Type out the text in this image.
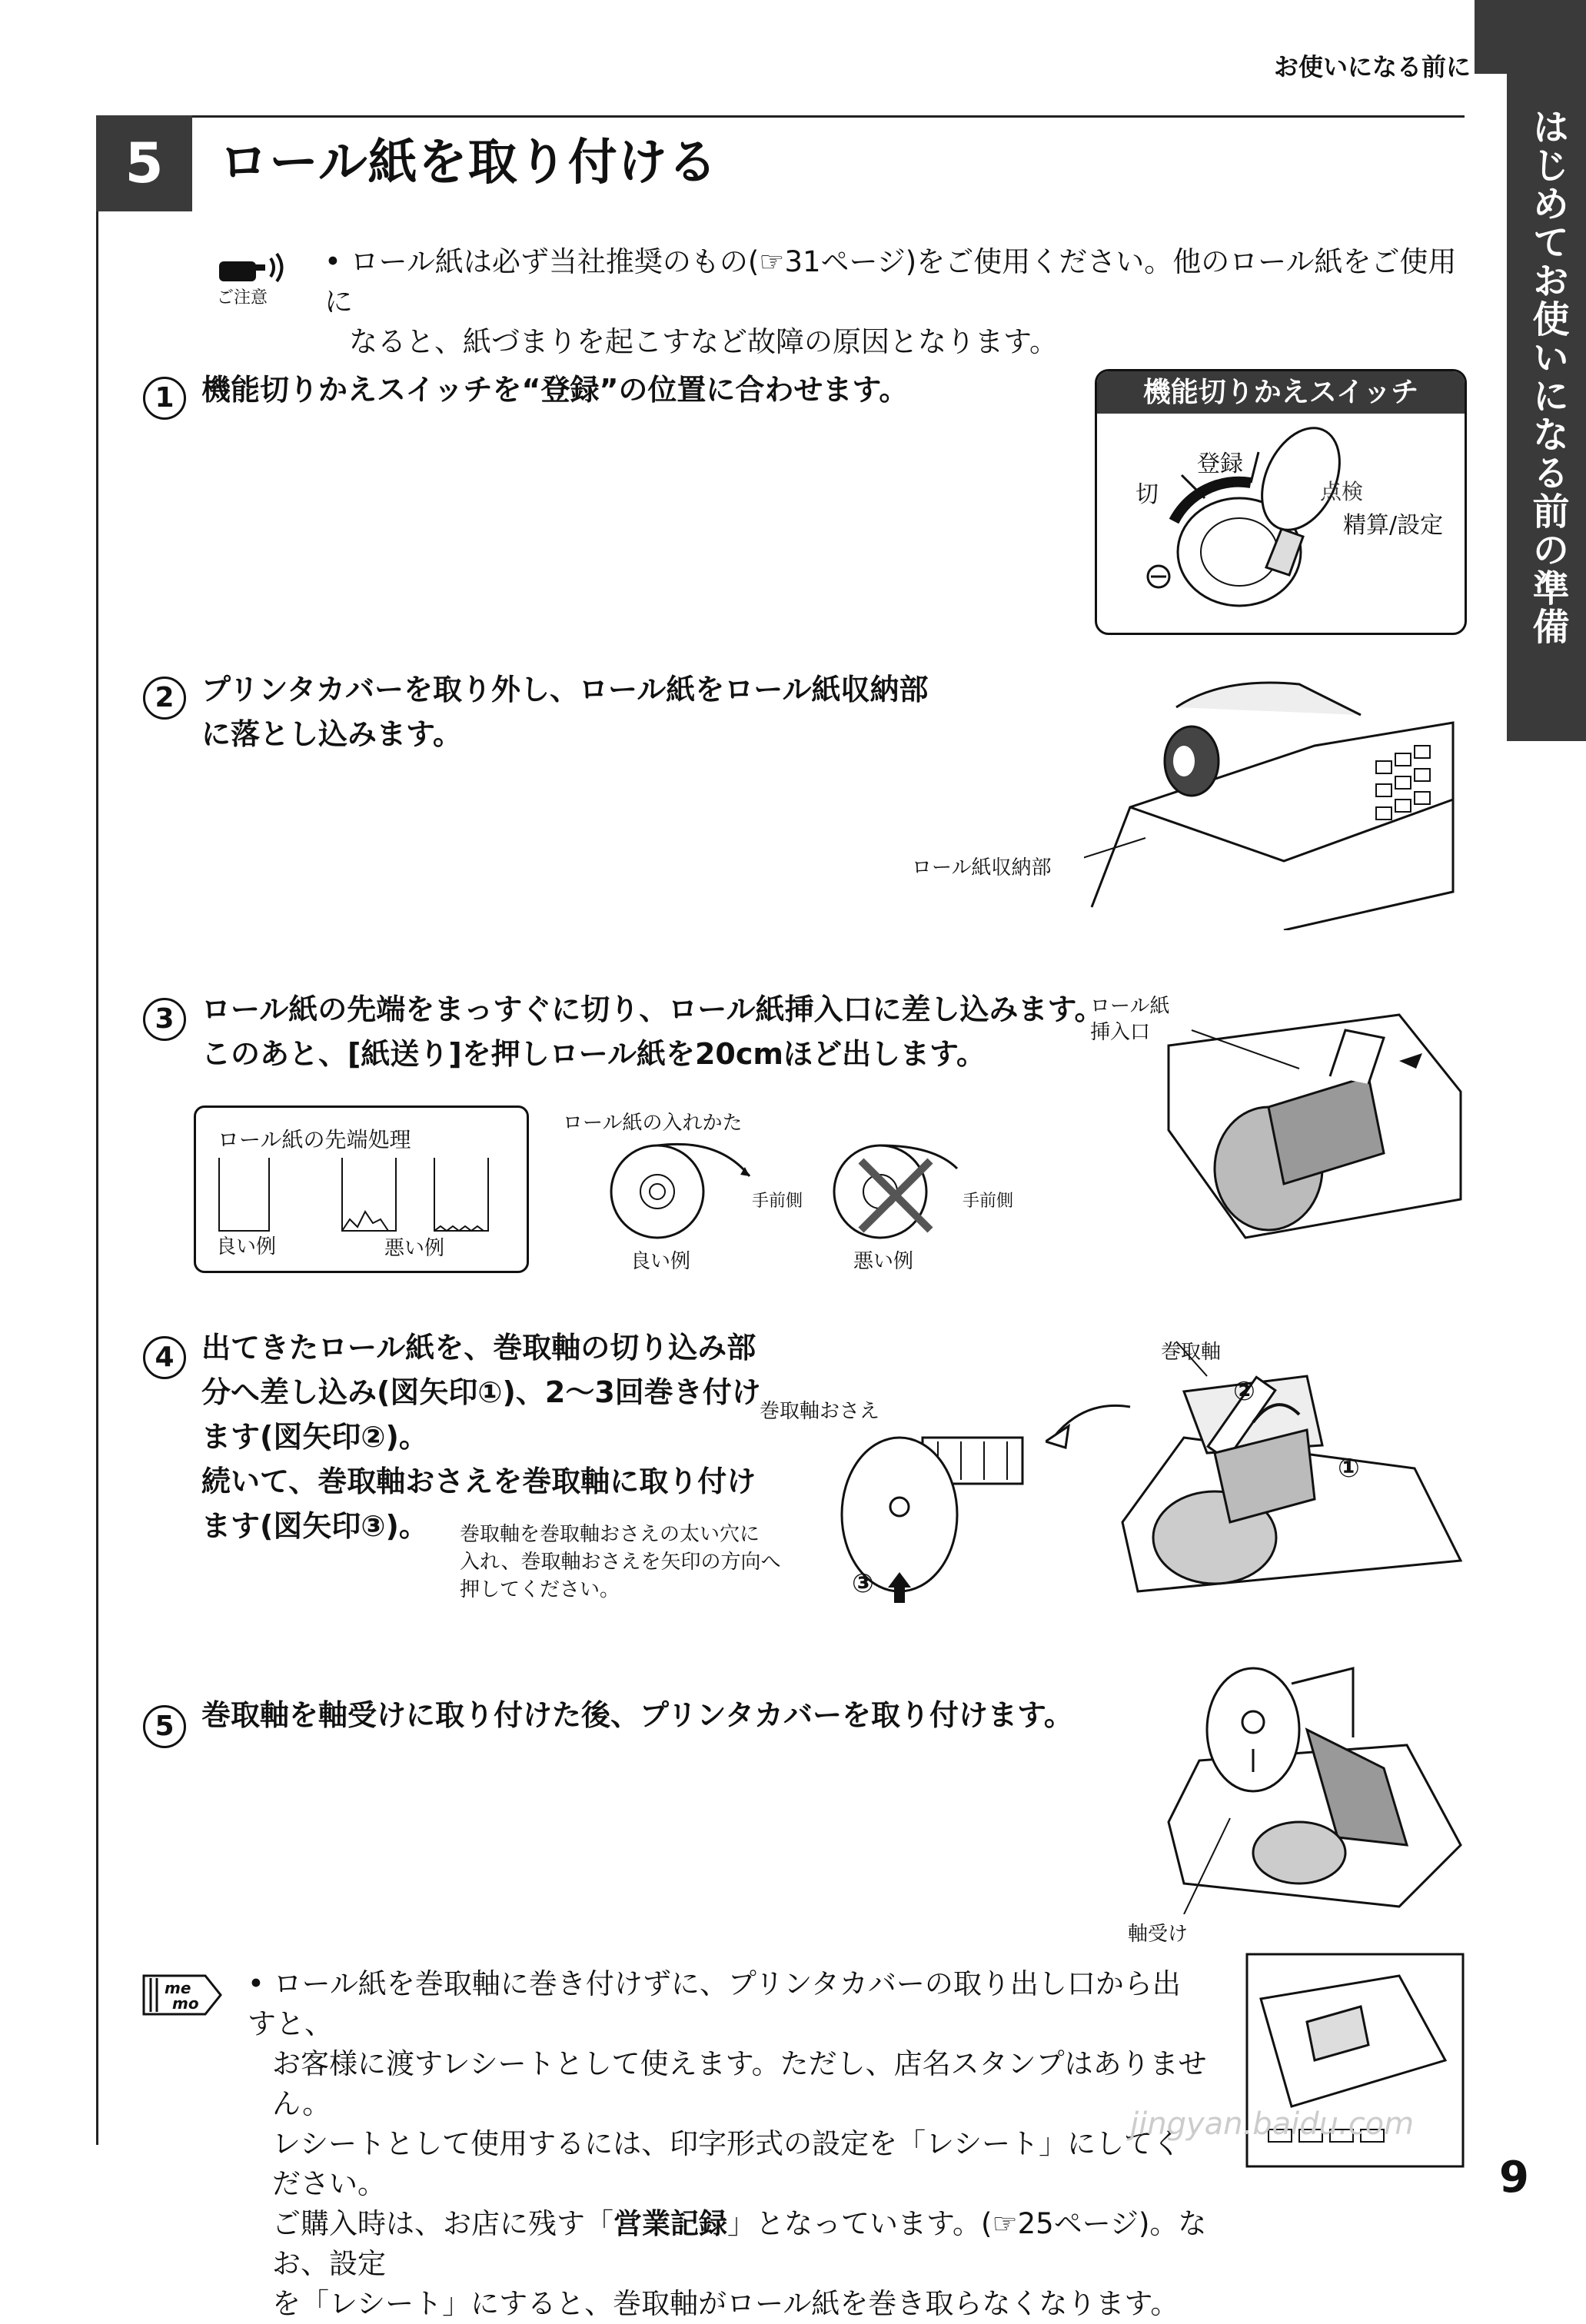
お使いになる前に
はじめてお使いになる前の準備
5	ロール紙を取り付ける
ご注意
• ロール紙は必ず当社推奨のもの(☞31ページ)をご使用ください。他のロール紙をご使用に
なると、紙づまりを起こすなど故障の原因となります。
1 機能切りかえスイッチを“登録”の位置に合わせます。	機能切りかえスイッチ
登録
切	点検
精算/設定
2 プリンタカバーを取り外し、ロール紙をロール紙収納部
に落とし込みます。
ロール紙収納部
3 ロール紙の先端をまっすぐに切り、ロール紙挿入口に差し込みます。
このあと、[紙送り]を押しロール紙を20cmほど出します。
ロール紙
挿入口
ロール紙の先端処理
良い例	悪い例
ロール紙の入れかた
手前側	手前側
良い例	悪い例
4 出てきたロール紙を、巻取軸の切り込み部
分へ差し込み(図矢印①)、2～3回巻き付け
ます(図矢印②)。
続いて、巻取軸おさえを巻取軸に取り付け
ます(図矢印③)。
巻取軸おさえ
③
巻取軸を巻取軸おさえの太い穴に
入れ、巻取軸おさえを矢印の方向へ
押してください。
巻取軸
②
①
5 巻取軸を軸受けに取り付けた後、プリンタカバーを取り付けます。
軸受け
me
mo
• ロール紙を巻取軸に巻き付けずに、プリンタカバーの取り出し口から出すと、
お客様に渡すレシートとして使えます。ただし、店名スタンプはありません。
レシートとして使用するには、印字形式の設定を「レシート」にしてください。
ご購入時は、お店に残す「営業記録」となっています。(☞25ページ)。なお、設定
を「レシート」にすると、巻取軸がロール紙を巻き取らなくなります。
jingyan.baidu.com
9
